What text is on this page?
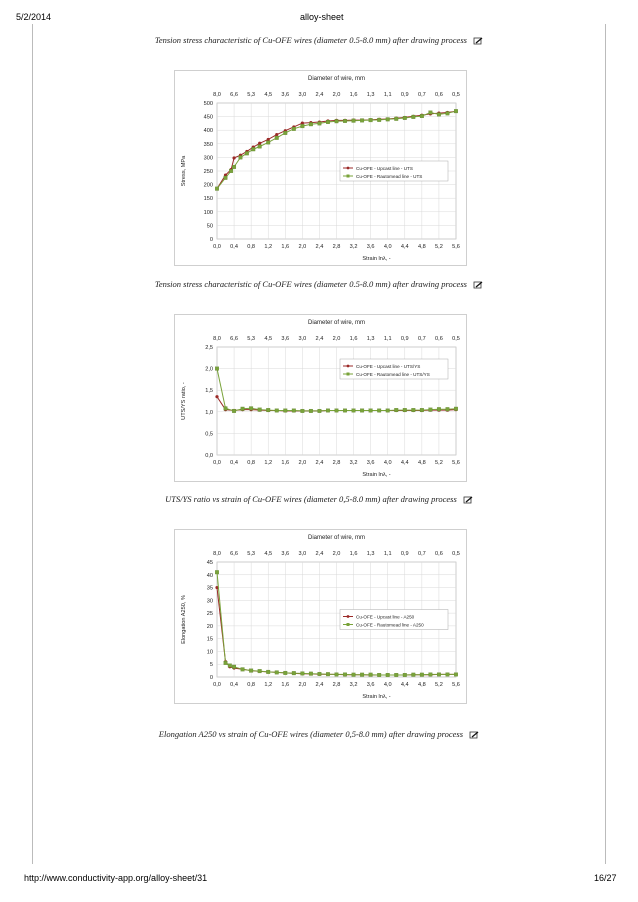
5/2/2014	alloy-sheet
Tension stress characteristic of Cu-OFE wires (diameter 0.5-8.0 mm) after drawing process
Diameter of wire, mm
0,0 0,4 0,8 1,2 1,6 2,0 2,4 2,8 3,2 3,6 4,0 4,4 4,8 5,2 5,6
8,0 6,6 5,3 4,5 3,6 3,0 2,4 2,0 1,6 1,3 1,1 0,9 0,7 0,6 0,5
0
50
100
150
200
250
300
350
400
450
500
Strain lnλ, -
Stress, MPa	Cu-OFE - Upcast line - UTS
Cu-OFE - Rautomead line - UTS
Tension stress characteristic of Cu-OFE wires (diameter 0.5-8.0 mm) after drawing process
Diameter of wire, mm
0,0 0,4 0,8 1,2 1,6 2,0 2,4 2,8 3,2 3,6 4,0 4,4 4,8 5,2 5,6
8,0 6,6 5,3 4,5 3,6 3,0 2,4 2,0 1,6 1,3 1,1 0,9 0,7 0,6 0,5
0,0
0,5
1,0
1,5
2,0
2,5
Strain lnλ, -
UTS/YS ratio, -
Cu-OFE - Upcast line - UTS/YS
Cu-OFE - Rautomead line - UTS/YS
UTS/YS ratio vs strain of Cu-OFE wires (diameter 0,5-8.0 mm) after drawing process
Diameter of wire, mm
0,0 0,4 0,8 1,2 1,6 2,0 2,4 2,8 3,2 3,6 4,0 4,4 4,8 5,2 5,6
8,0 6,6 5,3 4,5 3,6 3,0 2,4 2,0 1,6 1,3 1,1 0,9 0,7 0,6 0,5
0
5
10
15
20
25
30
35
40
45
Strain lnλ, -
Elongation A250, %	Cu-OFE - Upcast line - A250
Cu-OFE - Rautomead line - A250
Elongation A250 vs strain of Cu-OFE wires (diameter 0,5-8.0 mm) after drawing process
http://www.conductivity-app.org/alloy-sheet/31	16/27
